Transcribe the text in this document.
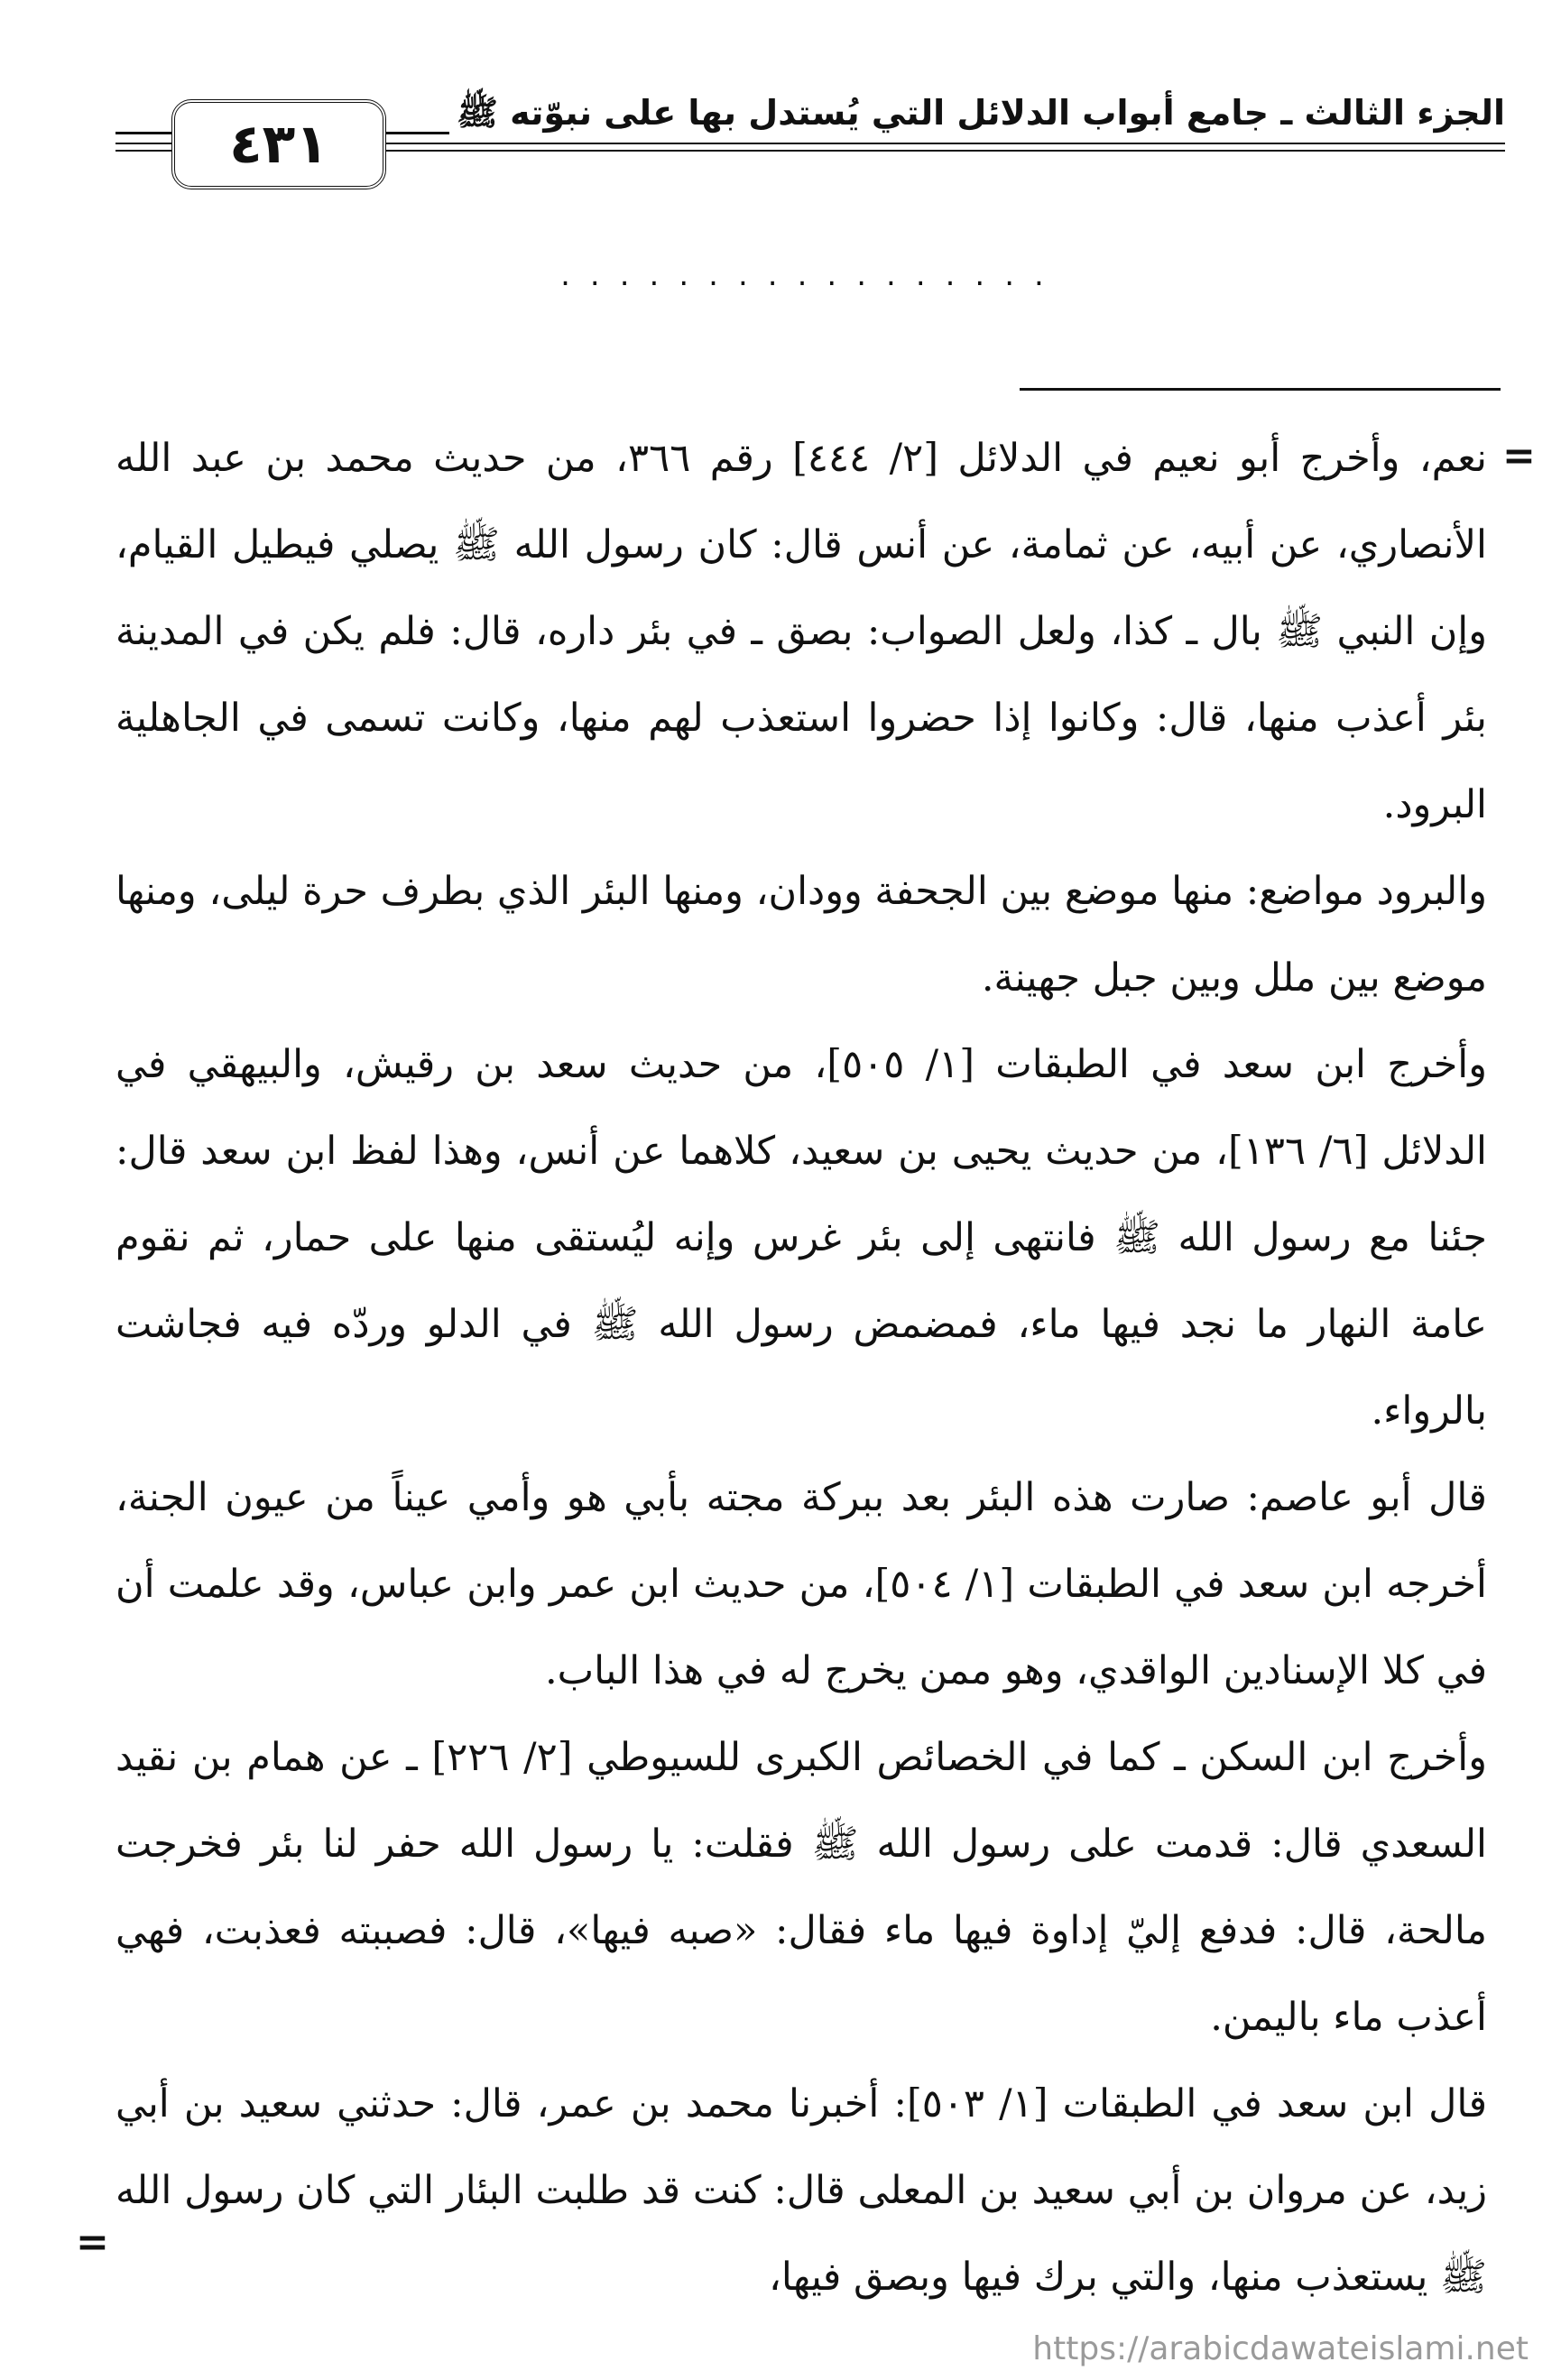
٤٣١	الجزء الثالث ـ جامع أبواب الدلائل التي يُستدل بها على نبوّته ﷺ
.................
=

نعم، وأخرج أبو نعيم في الدلائل [٢/ ٤٤٤] رقم ٣٦٦، من حديث محمد بن عبد الله الأنصاري، عن أبيه، عن ثمامة، عن أنس قال: كان رسول الله ﷺ يصلي فيطيل القيام، وإن النبي ﷺ بال ـ كذا، ولعل الصواب: بصق ـ في بئر داره، قال: فلم يكن في المدينة بئر أعذب منها، قال: وكانوا إذا حضروا استعذب لهم منها، وكانت تسمى في الجاهلية البرود.

والبرود مواضع: منها موضع بين الجحفة وودان، ومنها البئر الذي بطرف حرة ليلى، ومنها موضع بين ملل وبين جبل جهينة.

وأخرج ابن سعد في الطبقات [١/ ٥٠٥]، من حديث سعد بن رقيش، والبيهقي في الدلائل [٦/ ١٣٦]، من حديث يحيى بن سعيد، كلاهما عن أنس، وهذا لفظ ابن سعد قال: جئنا مع رسول الله ﷺ فانتهى إلى بئر غرس وإنه ليُستقى منها على حمار، ثم نقوم عامة النهار ما نجد فيها ماء، فمضمض رسول الله ﷺ في الدلو وردّه فيه فجاشت بالرواء.

قال أبو عاصم: صارت هذه البئر بعد ببركة مجته بأبي هو وأمي عيناً من عيون الجنة، أخرجه ابن سعد في الطبقات [١/ ٥٠٤]، من حديث ابن عمر وابن عباس، وقد علمت أن في كلا الإسنادين الواقدي، وهو ممن يخرج له في هذا الباب.

وأخرج ابن السكن ـ كما في الخصائص الكبرى للسيوطي [٢/ ٢٢٦] ـ عن همام بن نقيد السعدي قال: قدمت على رسول الله ﷺ فقلت: يا رسول الله حفر لنا بئر فخرجت مالحة، قال: فدفع إليّ إداوة فيها ماء فقال: «صبه فيها»، قال: فصببته فعذبت، فهي أعذب ماء باليمن.

قال ابن سعد في الطبقات [١/ ٥٠٣]: أخبرنا محمد بن عمر، قال: حدثني سعيد بن أبي زيد، عن مروان بن أبي سعيد بن المعلى قال: كنت قد طلبت البئار التي كان رسول الله ﷺ يستعذب منها، والتي برك فيها وبصق فيها،

=
https://arabicdawateislami.net
